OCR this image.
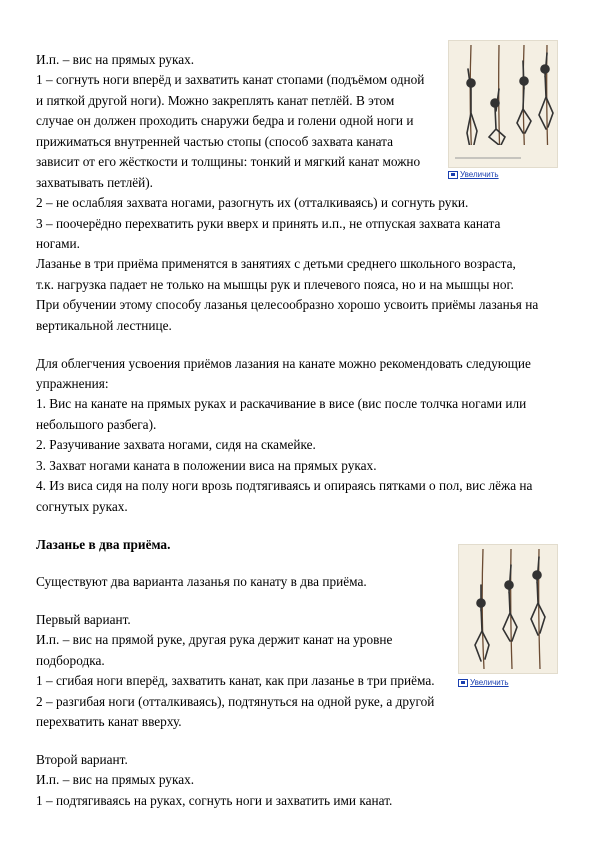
Увеличить
Увеличить
И.п. – вис на прямых руках.
1 – согнуть ноги вперёд и захватить канат стопами (подъёмом одной
и пяткой другой ноги). Можно закреплять канат петлёй. В этом
случае он должен проходить снаружи бедра и голени одной ноги и
прижиматься внутренней частью стопы (способ захвата каната
зависит от его жёсткости и толщины: тонкий и мягкий канат можно
захватывать петлёй).
2 – не ослабляя захвата ногами, разогнуть их (отталкиваясь) и согнуть руки.
3 – поочерёдно перехватить руки вверх и принять и.п., не отпуская захвата каната
ногами.
Лазанье в три приёма применятся в занятиях с детьми среднего школьного возраста,
т.к. нагрузка падает не только на мышцы рук и плечевого пояса, но и на мышцы ног.
При обучении этому способу лазанья целесообразно хорошо усвоить приёмы лазанья на
вертикальной лестнице.
Для облегчения усвоения приёмов лазания на канате можно рекомендовать следующие
упражнения:
1. Вис на канате на прямых руках и раскачивание в висе (вис после толчка ногами или
небольшого разбега).
2. Разучивание захвата ногами, сидя на скамейке.
3. Захват ногами каната в положении виса на прямых руках.
4. Из виса сидя на полу ноги врозь подтягиваясь и опираясь пятками о пол, вис лёжа на
согнутых руках.
Лазанье в два приёма.
Существуют два варианта лазанья по канату в два приёма.
Первый вариант.
И.п. – вис на прямой руке, другая рука держит канат на уровне
подбородка.
1 – сгибая ноги вперёд, захватить канат, как при лазанье в три приёма.
2 – разгибая ноги (отталкиваясь), подтянуться на одной руке, а другой
перехватить канат вверху.
Второй вариант.
И.п. – вис на прямых руках.
1 – подтягиваясь на руках, согнуть ноги и захватить ими канат.
